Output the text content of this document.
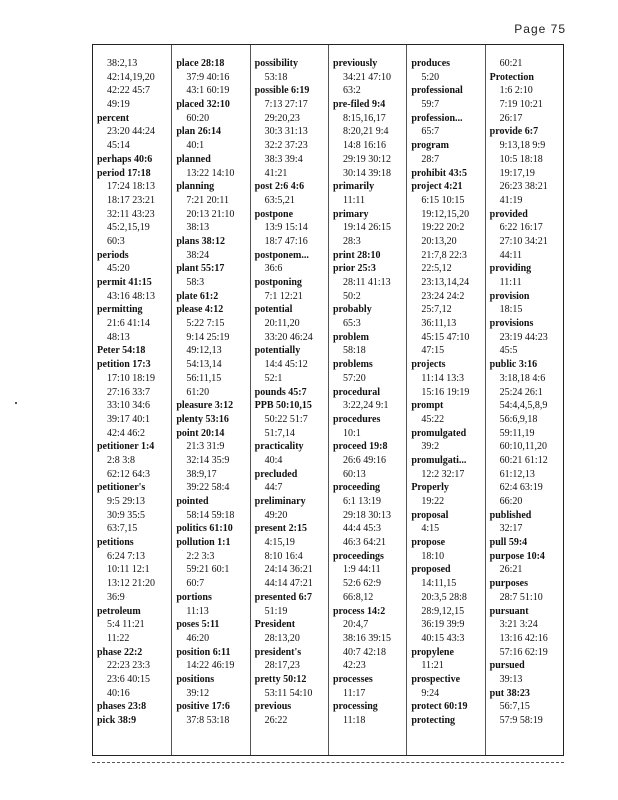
Page 75
38:2,13
42:14,19,20
42:22 45:7
49:19
percent
23:20 44:24
45:14
perhaps 40:6
period 17:18
17:24 18:13
18:17 23:21
32:11 43:23
45:2,15,19
60:3
periods
45:20
permit 41:15
43:16 48:13
permitting
21:6 41:14
48:13
Peter 54:18
petition 17:3
17:10 18:19
27:16 33:7
33:10 34:6
39:17 40:1
42:4 46:2
petitioner 1:4
2:8 3:8
62:12 64:3
petitioner's
9:5 29:13
30:9 35:5
63:7,15
petitions
6:24 7:13
10:11 12:1
13:12 21:20
36:9
petroleum
5:4 11:21
11:22
phase 22:2
22:23 23:3
23:6 40:15
40:16
phases 23:8
pick 38:9
place 28:18
37:9 40:16
43:1 60:19
placed 32:10
60:20
plan 26:14
40:1
planned
13:22 14:10
planning
7:21 20:11
20:13 21:10
38:13
plans 38:12
38:24
plant 55:17
58:3
plate 61:2
please 4:12
5:22 7:15
9:14 25:19
49:12,13
54:13,14
56:11,15
61:20
pleasure 3:12
plenty 53:16
point 20:14
21:3 31:9
32:14 35:9
38:9,17
39:22 58:4
pointed
58:14 59:18
politics 61:10
pollution 1:1
2:2 3:3
59:21 60:1
60:7
portions
11:13
poses 5:11
46:20
position 6:11
14:22 46:19
positions
39:12
positive 17:6
37:8 53:18
possibility
53:18
possible 6:19
7:13 27:17
29:20,23
30:3 31:13
32:2 37:23
38:3 39:4
41:21
post 2:6 4:6
63:5,21
postpone
13:9 15:14
18:7 47:16
postponem...
36:6
postponing
7:1 12:21
potential
20:11,20
33:20 46:24
potentially
14:4 45:12
52:1
pounds 45:7
PPB 50:10,15
50:22 51:7
51:7,14
practicality
40:4
precluded
44:7
preliminary
49:20
present 2:15
4:15,19
8:10 16:4
24:14 36:21
44:14 47:21
presented 6:7
51:19
President
28:13,20
president's
28:17,23
pretty 50:12
53:11 54:10
previous
26:22
previously
34:21 47:10
63:2
pre-filed 9:4
8:15,16,17
8:20,21 9:4
14:8 16:16
29:19 30:12
30:14 39:18
primarily
11:11
primary
19:14 26:15
28:3
print 28:10
prior 25:3
28:11 41:13
50:2
probably
65:3
problem
58:18
problems
57:20
procedural
3:22,24 9:1
procedures
10:1
proceed 19:8
26:6 49:16
60:13
proceeding
6:1 13:19
29:18 30:13
44:4 45:3
46:3 64:21
proceedings
1:9 44:11
52:6 62:9
66:8,12
process 14:2
20:4,7
38:16 39:15
40:7 42:18
42:23
processes
11:17
processing
11:18
produces
5:20
professional
59:7
profession...
65:7
program
28:7
prohibit 43:5
project 4:21
6:15 10:15
19:12,15,20
19:22 20:2
20:13,20
21:7,8 22:3
22:5,12
23:13,14,24
23:24 24:2
25:7,12
36:11,13
45:15 47:10
47:15
projects
11:14 13:3
15:16 19:19
prompt
45:22
promulgated
39:2
promulgati...
12:2 32:17
Properly
19:22
proposal
4:15
propose
18:10
proposed
14:11,15
20:3,5 28:8
28:9,12,15
36:19 39:9
40:15 43:3
propylene
11:21
prospective
9:24
protect 60:19
protecting
60:21
Protection
1:6 2:10
7:19 10:21
26:17
provide 6:7
9:13,18 9:9
10:5 18:18
19:17,19
26:23 38:21
41:19
provided
6:22 16:17
27:10 34:21
44:11
providing
11:11
provision
18:15
provisions
23:19 44:23
45:5
public 3:16
3:18,18 4:6
25:24 26:1
54:4,4,5,8,9
56:6,9,18
59:11,19
60:10,11,20
60:21 61:12
61:12,13
62:4 63:19
66:20
published
32:17
pull 59:4
purpose 10:4
26:21
purposes
28:7 51:10
pursuant
3:21 3:24
13:16 42:16
57:16 62:19
pursued
39:13
put 38:23
56:7,15
57:9 58:19
